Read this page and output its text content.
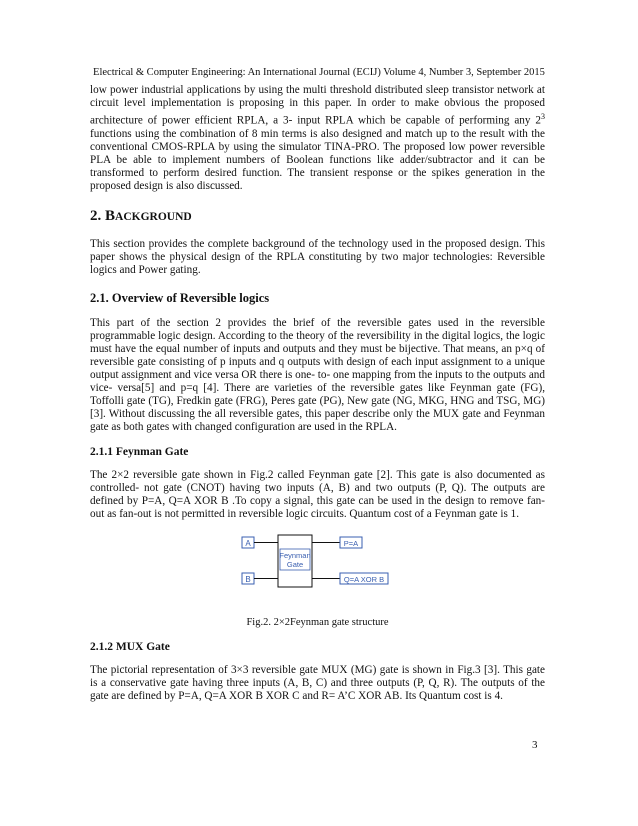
Electrical & Computer Engineering: An International Journal (ECIJ) Volume 4, Number 3, September 2015

low power industrial applications by using the multi threshold distributed sleep transistor network at circuit level implementation is proposing in this paper. In order to make obvious the proposed architecture of power efficient RPLA, a 3- input RPLA which be capable of performing any $2^3$ functions using the combination of 8 min terms is also designed and match up to the result with the conventional CMOS-RPLA by using the simulator TINA-PRO. The proposed low power reversible PLA be able to implement numbers of Boolean functions like adder/subtractor and it can be transformed to perform desired function. The transient response or the spikes generation in the proposed design is also discussed.

2. BACKGROUND

This section provides the complete background of the technology used in the proposed design. This paper shows the physical design of the RPLA constituting by two major technologies: Reversible logics and Power gating.

2.1. Overview of Reversible logics

This part of the section 2 provides the brief of the reversible gates used in the reversible programmable logic design. According to the theory of the reversibility in the digital logics, the logic must have the equal number of inputs and outputs and they must be bijective. That means, an p×q of reversible gate consisting of p inputs and q outputs with design of each input assignment to a unique output assignment and vice versa OR there is one- to- one mapping from the inputs to the outputs and vice- versa[5] and p=q [4]. There are varieties of the reversible gates like Feynman gate (FG), Toffolli gate (TG), Fredkin gate (FRG), Peres gate (PG), New gate (NG, MKG, HNG and TSG, MG) [3]. Without discussing the all reversible gates, this paper describe only the MUX gate and Feynman gate as both gates with changed configuration are used in the RPLA.

2.1.1 Feynman Gate

The 2×2 reversible gate shown in Fig.2 called Feynman gate [2]. This gate is also documented as controlled- not gate (CNOT) having two inputs (A, B) and two outputs (P, Q). The outputs are defined by P=A, Q=A XOR B .To copy a signal, this gate can be used in the design to remove fan-out as fan-out is not permitted in reversible logic circuits. Quantum cost of a Feynman gate is 1.

A
B
Feynman
Gate
P=A
Q=A XOR B
Fig.2. 2×2Feynman gate structure
2.1.2 MUX Gate

The pictorial representation of 3×3 reversible gate MUX (MG) gate is shown in Fig.3 [3]. This gate is a conservative gate having three inputs (A, B, C) and three outputs (P, Q, R). The outputs of the gate are defined by P=A, Q=A XOR B XOR C and R= A’C XOR AB. Its Quantum cost is 4.

3
